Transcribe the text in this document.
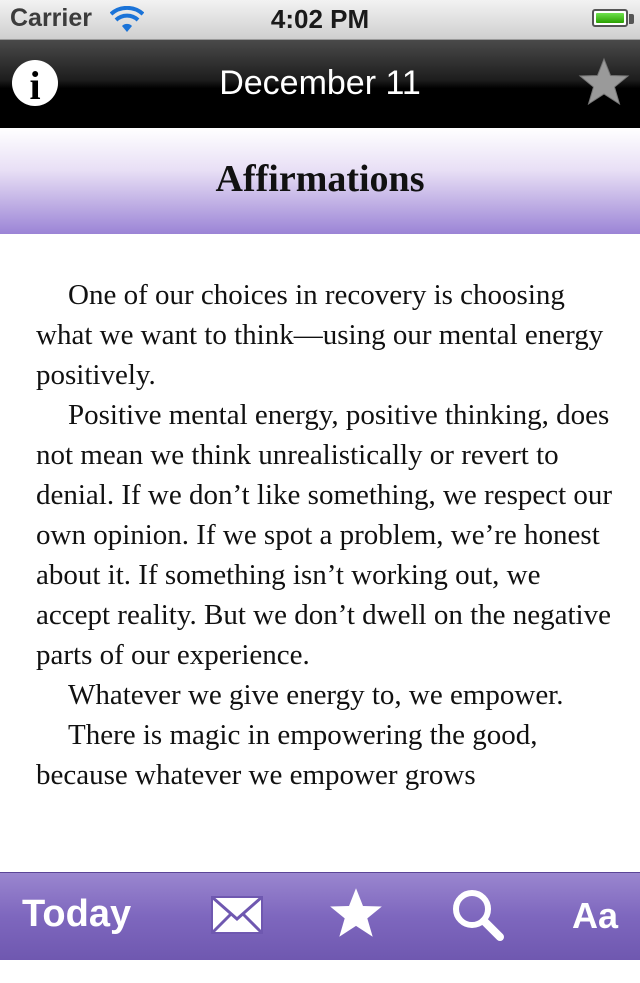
Carrier	4:02 PM
i	December 11
Affirmations

One of our choices in recovery is choosing what we want to think—using our mental energy positively.

Positive mental energy, positive thinking, does not mean we think unrealistically or revert to denial. If we don’t like something, we respect our own opinion. If we spot a problem, we’re honest about it. If something isn’t working out, we accept reality. But we don’t dwell on the negative parts of our experience.

Whatever we give energy to, we empower.

There is magic in empowering the good, because whatever we empower grows

Today	Aa
